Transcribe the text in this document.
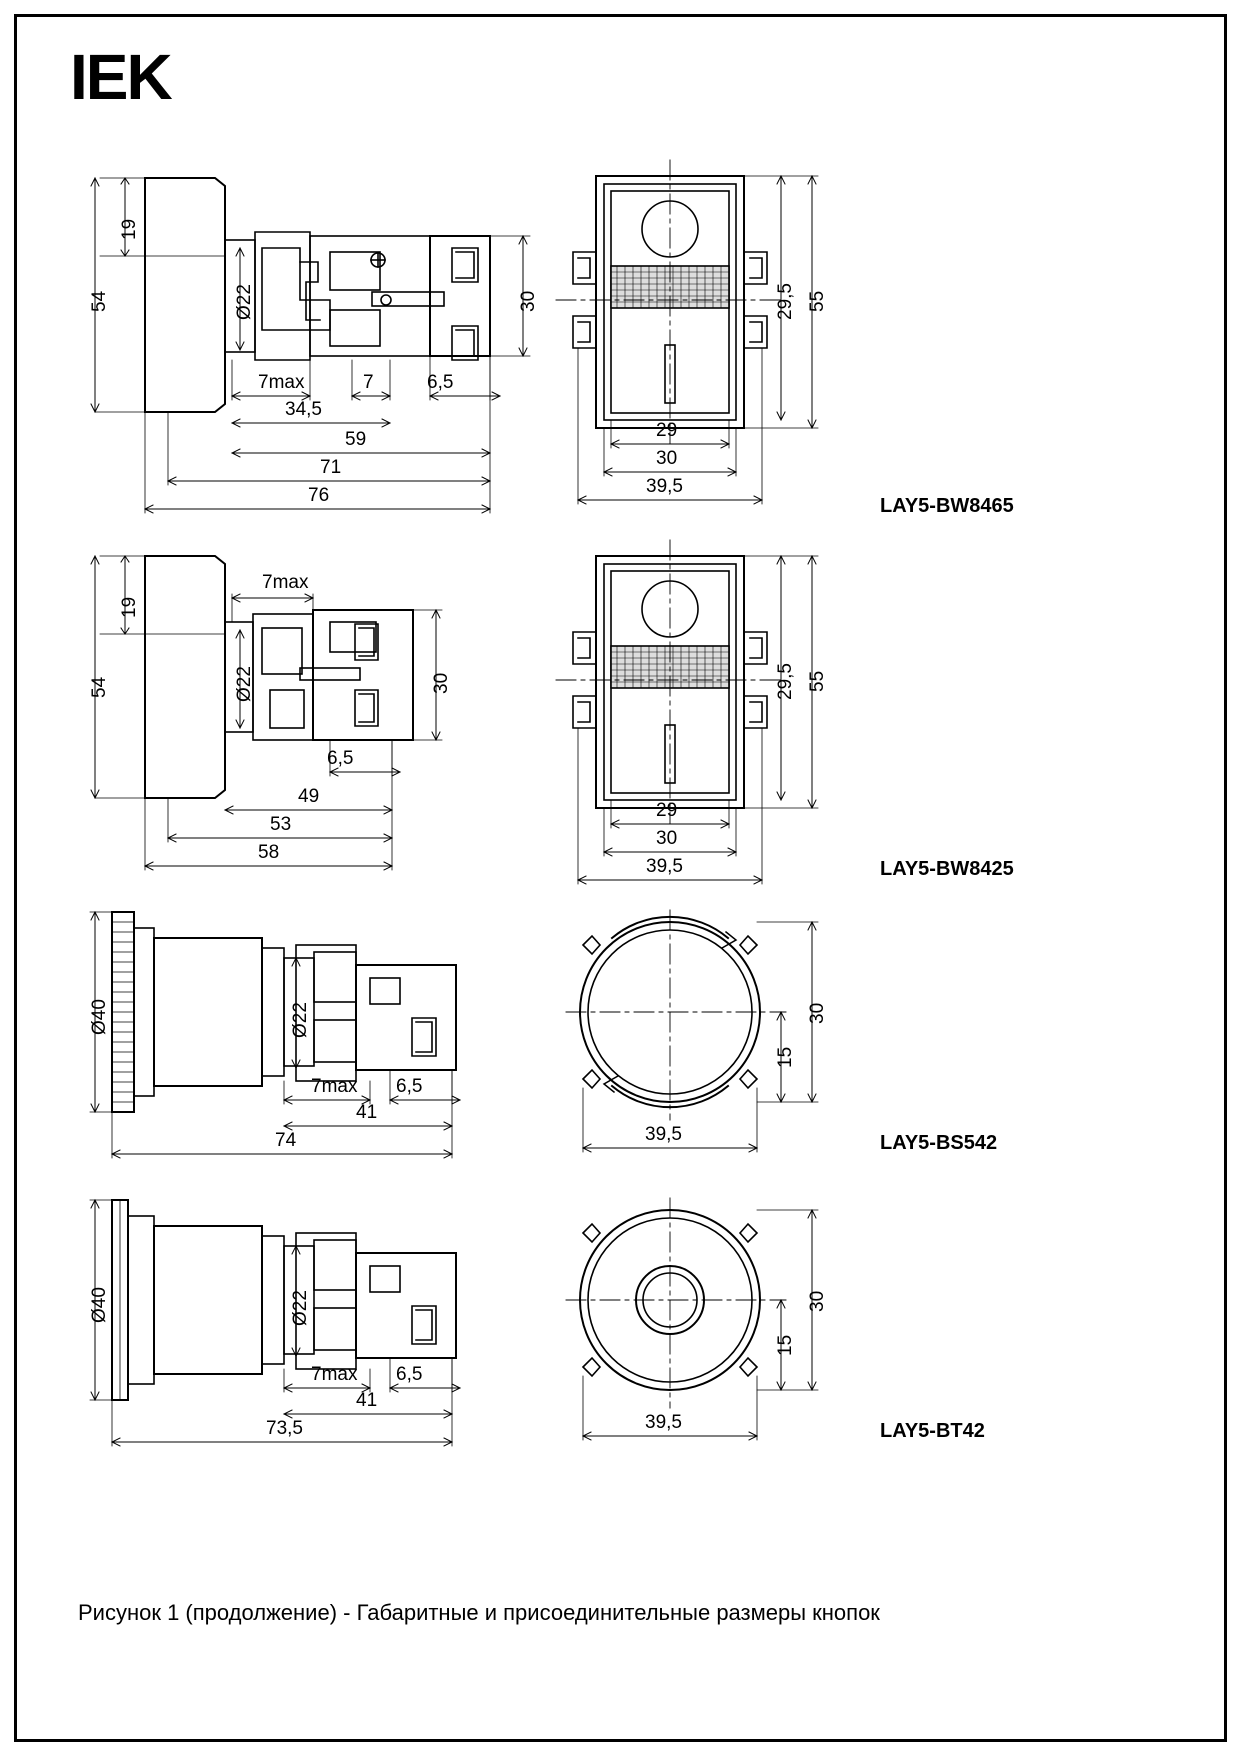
IEK
19
54	Ø22	30
7max	7	6,5
34,5
59
71
76
29,5 55
29
30
39,5
19
54
7max
Ø22	30
6,5
49
53
58
29,5 55
29
30
39,5
Ø40	Ø22
7max 6,5
41
74
15
30
39,5
Ø40	Ø22
7max 6,5
41
73,5
15
30
39,5
LAY5-BW8465
LAY5-BW8425
LAY5-BS542
LAY5-BT42
Рисунок 1 (продолжение) - Габаритные и присоединительные размеры кнопок
